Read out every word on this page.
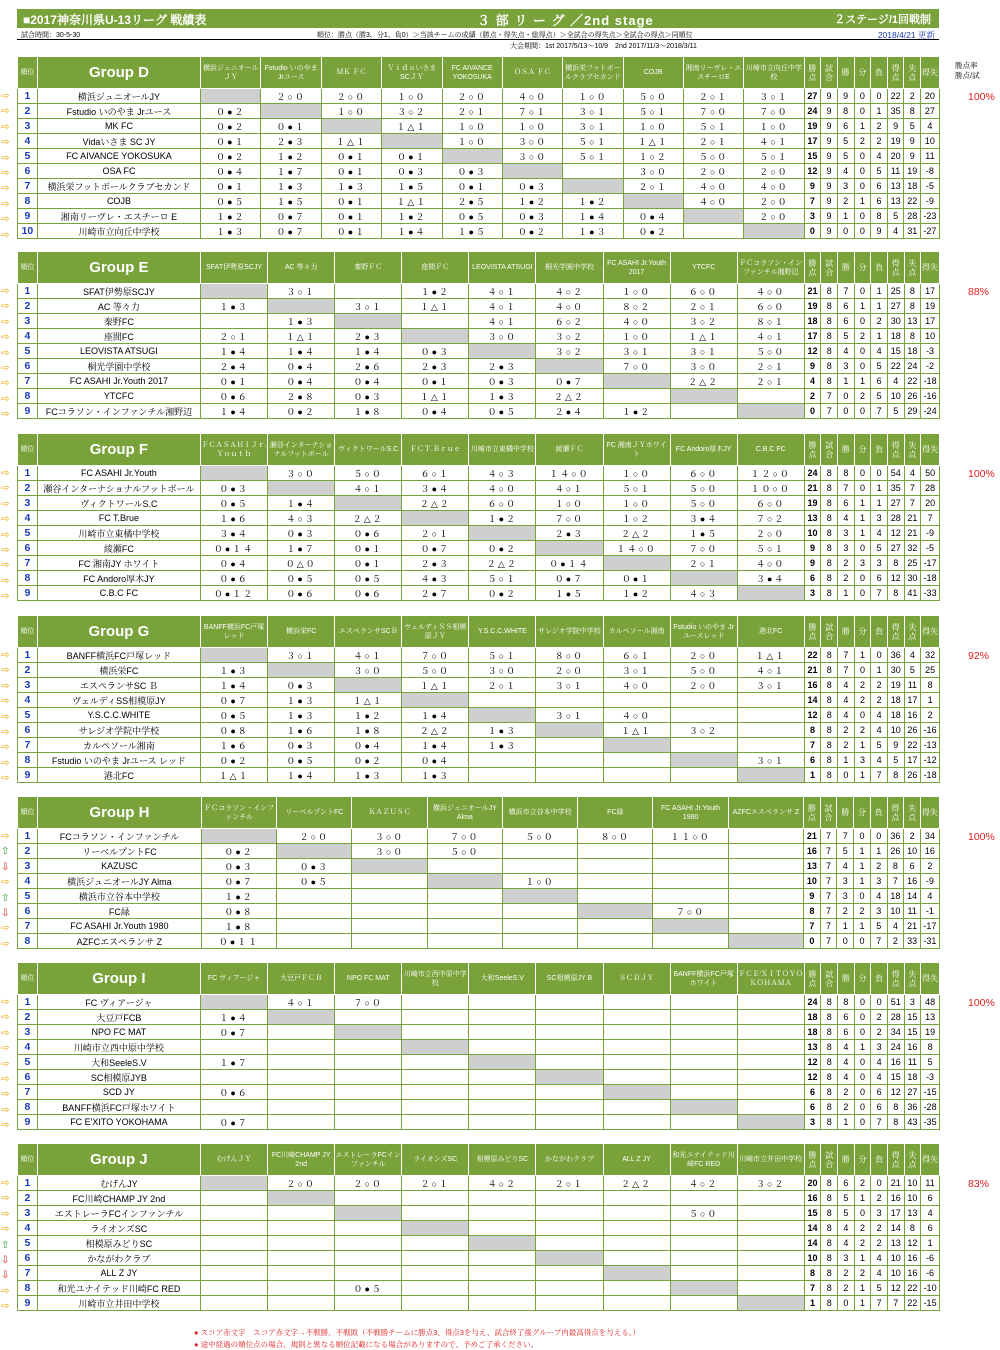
■2017神奈川県U-13リーグ 戦績表	３ 部 リ ー グ ／2nd stage	２ステージ/1回戦制
試合時間：30-5-30	順位：勝点（勝3、分1、負0）＞当該チームの成績（勝点・得失点・総得点）＞全試合の得失点＞全試合の得点＞同順位	2018/4/21 更新
大会期間：1st 2017/5/13～10/9　2nd 2017/11/3～2018/3/11
勝点率
勝点/試
順位	Group D	横浜ジュニオールＪＹ	Fstudio いのやま Jrユース	ＭＫ ＦＣ	Ｖｉｄａいさま SCＪＹ	FC AIVANCE YOKOSUKA	ＯＳＡ ＦＣ	横浜栄フットボールクラブセカンド	COJB	湘南リーヴレ・エスチーロE	川崎市立向丘中学校	勝点	試合	勝	分	負	得点	失点	得失
1	横浜ジュニオールJY		２○０	２○０	１○０	２○０	４○０	１○０	５○０	２○１	３○１	27	9	9	0	0	22	2	20
2	Fstudio いのやま Jrユース	０●２		１○０	３○２	２○１	７○１	３○１	５○１	７○０	７○０	24	9	8	0	1	35	8	27
3	MK FC	０●２	０●１		１△１	１○０	１○０	３○１	１○０	５○１	１○０	19	9	6	1	2	9	5	4
4	Vidaいさま SC JY	０●１	２●３	１△１		１○０	３○０	５○１	１△１	２○１	４○１	17	9	5	2	2	19	9	10
5	FC AIVANCE YOKOSUKA	０●２	１●２	０●１	０●１		３○０	５○１	１○２	５○０	５○１	15	9	5	0	4	20	9	11
6	OSA FC	０●４	１●７	０●１	０●３	０●３			３○０	２○０	２○０	12	9	4	0	5	11	19	-8
7	横浜栄フットボールクラブセカンド	０●１	１●３	１●３	１●５	０●１	０●３		２○１	４○０	４○０	9	9	3	0	6	13	18	-5
8	COJB	０●５	１●５	０●１	１△１	２●５	１●２	１●２		４○０	２○０	7	9	2	1	6	13	22	-9
9	湘南リーヴレ・エスチーロ E	１●２	０●７	０●１	１●２	０●５	０●３	１●４	０●４		２○０	3	9	1	0	8	5	28	-23
10	川崎市立向丘中学校	１●３	０●７	０●１	１●４	１●５	０●２	１●３	０●２			0	9	0	0	9	4	31	-27
⇨
⇨
⇨
⇨
⇨
⇨
⇨
⇨
⇨
⇨
100%
順位	Group E	SFAT伊勢原SCJY	AC 等々力	秦野ＦＣ	座間ＦＣ	LEOVISTA ATSUGI	桐光学園中学校	FC ASAHI Jr.Youth 2017	YTCFC	ＦＣコラソン・インファンチル湘野辺	勝点	試合	勝	分	負	得点	失点	得失
1	SFAT伊勢原SCJY		３○１		１●２	４○１	４○２	１○０	６○０	４○０	21	8	7	0	1	25	8	17
2	AC 等々力	１●３		３○１	１△１	４○１	４○０	８○２	２○１	６○０	19	8	6	1	1	27	8	19
3	秦野FC		１●３			４○１	６○２	４○０	３○２	８○１	18	8	6	0	2	30	13	17
4	座間FC	２○１	１△１	２●３		３○０	３○２	１○０	１△１	４○１	17	8	5	2	1	18	8	10
5	LEOVISTA ATSUGI	１●４	１●４	１●４	０●３		３○２	３○１	３○１	５○０	12	8	4	0	4	15	18	-3
6	桐光学園中学校	２●４	０●４	２●６	２●３	２●３		７○０	３○０	２○１	9	8	3	0	5	22	24	-2
7	FC ASAHI Jr.Youth 2017	０●１	０●４	０●４	０●１	０●３	０●７		２△２	２○１	4	8	1	1	6	4	22	-18
8	YTCFC	０●６	２●８	０●３	１△１	１●３	２△２				2	7	0	2	5	10	26	-16
9	FCコラソン・インファンチル湘野辺	１●４	０●２	１●８	０●４	０●５	２●４	１●２			0	7	0	0	7	5	29	-24
⇨
⇨
⇨
⇨
⇨
⇨
⇨
⇨
⇨
88%
順位	Group F	ＦＣＡＳＡＨＩＪｒ.Ｙｏｕｔｈ	瀬谷インターナショナルフットボール	ヴィクトワールS.C	ＦＣＴ.Ｂｒｕｅ	川崎市立東橘中学校	綾瀬ＦＣ	FC 湘南ＪＹホワイト	FC Andoro厚木JY	C.B.C FC	勝点	試合	勝	分	負	得点	失点	得失
1	FC ASAHI Jr.Youth		３○０	５○０	６○１	４○３	１４○０	１○０	６○０	１２○０	24	8	8	0	0	54	4	50
2	瀬谷インターナショナルフットボール	０●３		４○１	３●４	４○０	４○１	５○１	５○０	１０○０	21	8	7	0	1	35	7	28
3	ヴィクトワールS.C	０●５	１●４		２△２	６○０	１○０	１○０	５○０	６○０	19	8	6	1	1	27	7	20
4	FC T.Brue	１●６	４○３	２△２		１●２	７○０	１○２	３●４	７○２	13	8	4	1	3	28	21	7
5	川崎市立東橘中学校	３●４	０●３	０●６	２○１		２●３	２△２	１●５	２○０	10	8	3	1	4	12	21	-9
6	綾瀬FC	０●１４	１●７	０●１	０●７	０●２		１４○０	７○０	５○１	9	8	3	0	5	27	32	-5
7	FC 湘南JY ホワイト	０●４	０△０	０●１	２●３	２△２	０●１４		２○１	４○０	9	8	2	3	3	8	25	-17
8	FC Andoro厚木JY	０●６	０●５	０●５	４●３	５○１	０●７	０●１		３●４	6	8	2	0	6	12	30	-18
9	C.B.C FC	０●１２	０●６	０●６	２●７	０●２	１●５	１●２	４○３		3	8	1	0	7	8	41	-33
⇨
⇨
⇨
⇨
⇨
⇨
⇨
⇨
⇨
100%
順位	Group G	BANFF横浜FC戸塚レッド	横浜栄FC	エスペランサSCＢ	ヴェルディＳＳ相模原ＪＹ	Y.S.C.C.WHITE	サレジオ学院中学校	カルペソール湘南	Fstudio いのやま Jrユースレッド	港北FC	勝点	試合	勝	分	負	得点	失点	得失
1	BANFF横浜FC戸塚レッド		３○１	４○１	７○０	５○１	８○０	６○１	２○０	１△１	22	8	7	1	0	36	4	32
2	横浜栄FC	１●３		３○０	５○０	３○０	２○０	３○１	５○０	４○１	21	8	7	0	1	30	5	25
3	エスペランサSC Ｂ	１●４	０●３		１△１	２○１	３○１	４○０	２○０	３○１	16	8	4	2	2	19	11	8
4	ヴェルディSS相模原JY	０●７	１●３	１△１							14	8	4	2	2	18	17	1
5	Y.S.C.C.WHITE	０●５	１●３	１●２	１●４		３○１	４○０			12	8	4	0	4	18	16	2
6	サレジオ学院中学校	０●８	１●６	１●８	２△２	１●３		１△１	３○２		8	8	2	2	4	10	26	-16
7	カルペソール湘南	１●６	０●３	０●４	１●４	１●３					7	8	2	1	5	9	22	-13
8	Fstudio いのやま Jrユース レッド	０●２	０●５	０●２	０●４					３○１	6	8	1	3	4	5	17	-12
9	港北FC	１△１	１●４	１●３	１●３						1	8	0	1	7	8	26	-18
⇨
⇨
⇨
⇨
⇨
⇨
⇨
⇨
⇨
92%
順位	Group H	ＦＣコラソン・インファンチル	リーベルプントFC	ＫＡＺＵＳＣ	横浜ジュニオールJY Alma	横浜市立谷本中学校	FC緑	FC ASAHI Jr.Youth 1980	AZFCエスペランサ Z	勝点	試合	勝	分	負	得点	失点	得失
1	FCコラソン・インファンチル		２○０	３○０	７○０	５○０	８○０	１１○０		21	7	7	0	0	36	2	34
2	リーベルプントFC	０●２		３○０	５○０					16	7	5	1	1	26	10	16
3	KAZUSC	０●３	０●３							13	7	4	1	2	8	6	2
4	横浜ジュニオールJY Alma	０●７	０●５			１○０				10	7	3	1	3	7	16	-9
5	横浜市立谷本中学校	１●２								9	7	3	0	4	18	14	4
6	FC緑	０●８						７○０		8	7	2	2	3	10	11	-1
7	FC ASAHI Jr.Youth 1980	１●８								7	7	1	1	5	4	21	-17
8	AZFCエスペランサ Z	０●１１								0	7	0	0	7	2	33	-31
⇨
⇧
⇩
⇨
⇧
⇩
⇨
⇨
100%
順位	Group I	FC ヴィアージャ	大豆戸ＦＣＢ	NPO FC MAT	川崎市立西中原中学校	大和SeeleS.V	SC相模原JY B	ＳＣＤＪＹ	BANFF横浜FC戸塚ホワイト	ＦＣＥ'ＸＩＴＯＹＯＫＯＨＡＭＡ	勝点	試合	勝	分	負	得点	失点	得失
1	FC ヴィアージャ		４○１	７○０							24	8	8	0	0	51	3	48
2	大豆戸FCB	１●４									18	8	6	0	2	28	15	13
3	NPO FC MAT	０●７									18	8	6	0	2	34	15	19
4	川崎市立西中原中学校										13	8	4	1	3	24	16	8
5	大和SeeleS.V	１●７									12	8	4	0	4	16	11	5
6	SC相模原JYB										12	8	4	0	4	15	18	-3
7	SCD JY	０●６									6	8	2	0	6	12	27	-15
8	BANFF横浜FC戸塚ホワイト										6	8	2	0	6	8	36	-28
9	FC E'XITO YOKOHAMA	０●７									3	8	1	0	7	8	43	-35
⇨
⇨
⇨
⇨
⇨
⇨
⇨
⇨
⇨
100%
順位	Group J	むげんＪＹ	FC川崎CHAMP JY 2nd	エストレーラFCインファンチル	ライオンズSC	相模原みどりSC	かながわクラブ	ALL Z JY	和光ユナイテッド川崎FC RED	川崎市立井田中学校	勝点	試合	勝	分	負	得点	失点	得失
1	むげんJY		２○０	２○０	２○１	４○２	２○１	２△２	４○２	３○２	20	8	6	2	0	21	10	11
2	FC川崎CHAMP JY 2nd										16	8	5	1	2	16	10	6
3	エストレーラFCインファンチル								５○０		15	8	5	0	3	17	13	4
4	ライオンズSC										14	8	4	2	2	14	8	6
5	相模原みどりSC										14	8	4	2	2	13	12	1
6	かながわクラブ										10	8	3	1	4	10	16	-6
7	ALL Z JY										8	8	2	2	4	10	16	-6
8	和光ユナイテッド川崎FC RED			０●５							7	8	2	1	5	12	22	-10
9	川崎市立井田中学校										1	8	0	1	7	7	22	-15
⇨
⇨
⇨
⇨
⇧
⇩
⇩
⇨
⇨
83%
● スコア赤文字　スコア赤文字→不戦勝、不戦敗（不戦勝チームに勝点3、得点3を与え、試合終了後グループ内最高得点を与える。）
● 途中経過の順位点の場合、規則と異なる順位記載になる場合がありますので、予めご了承ください。
